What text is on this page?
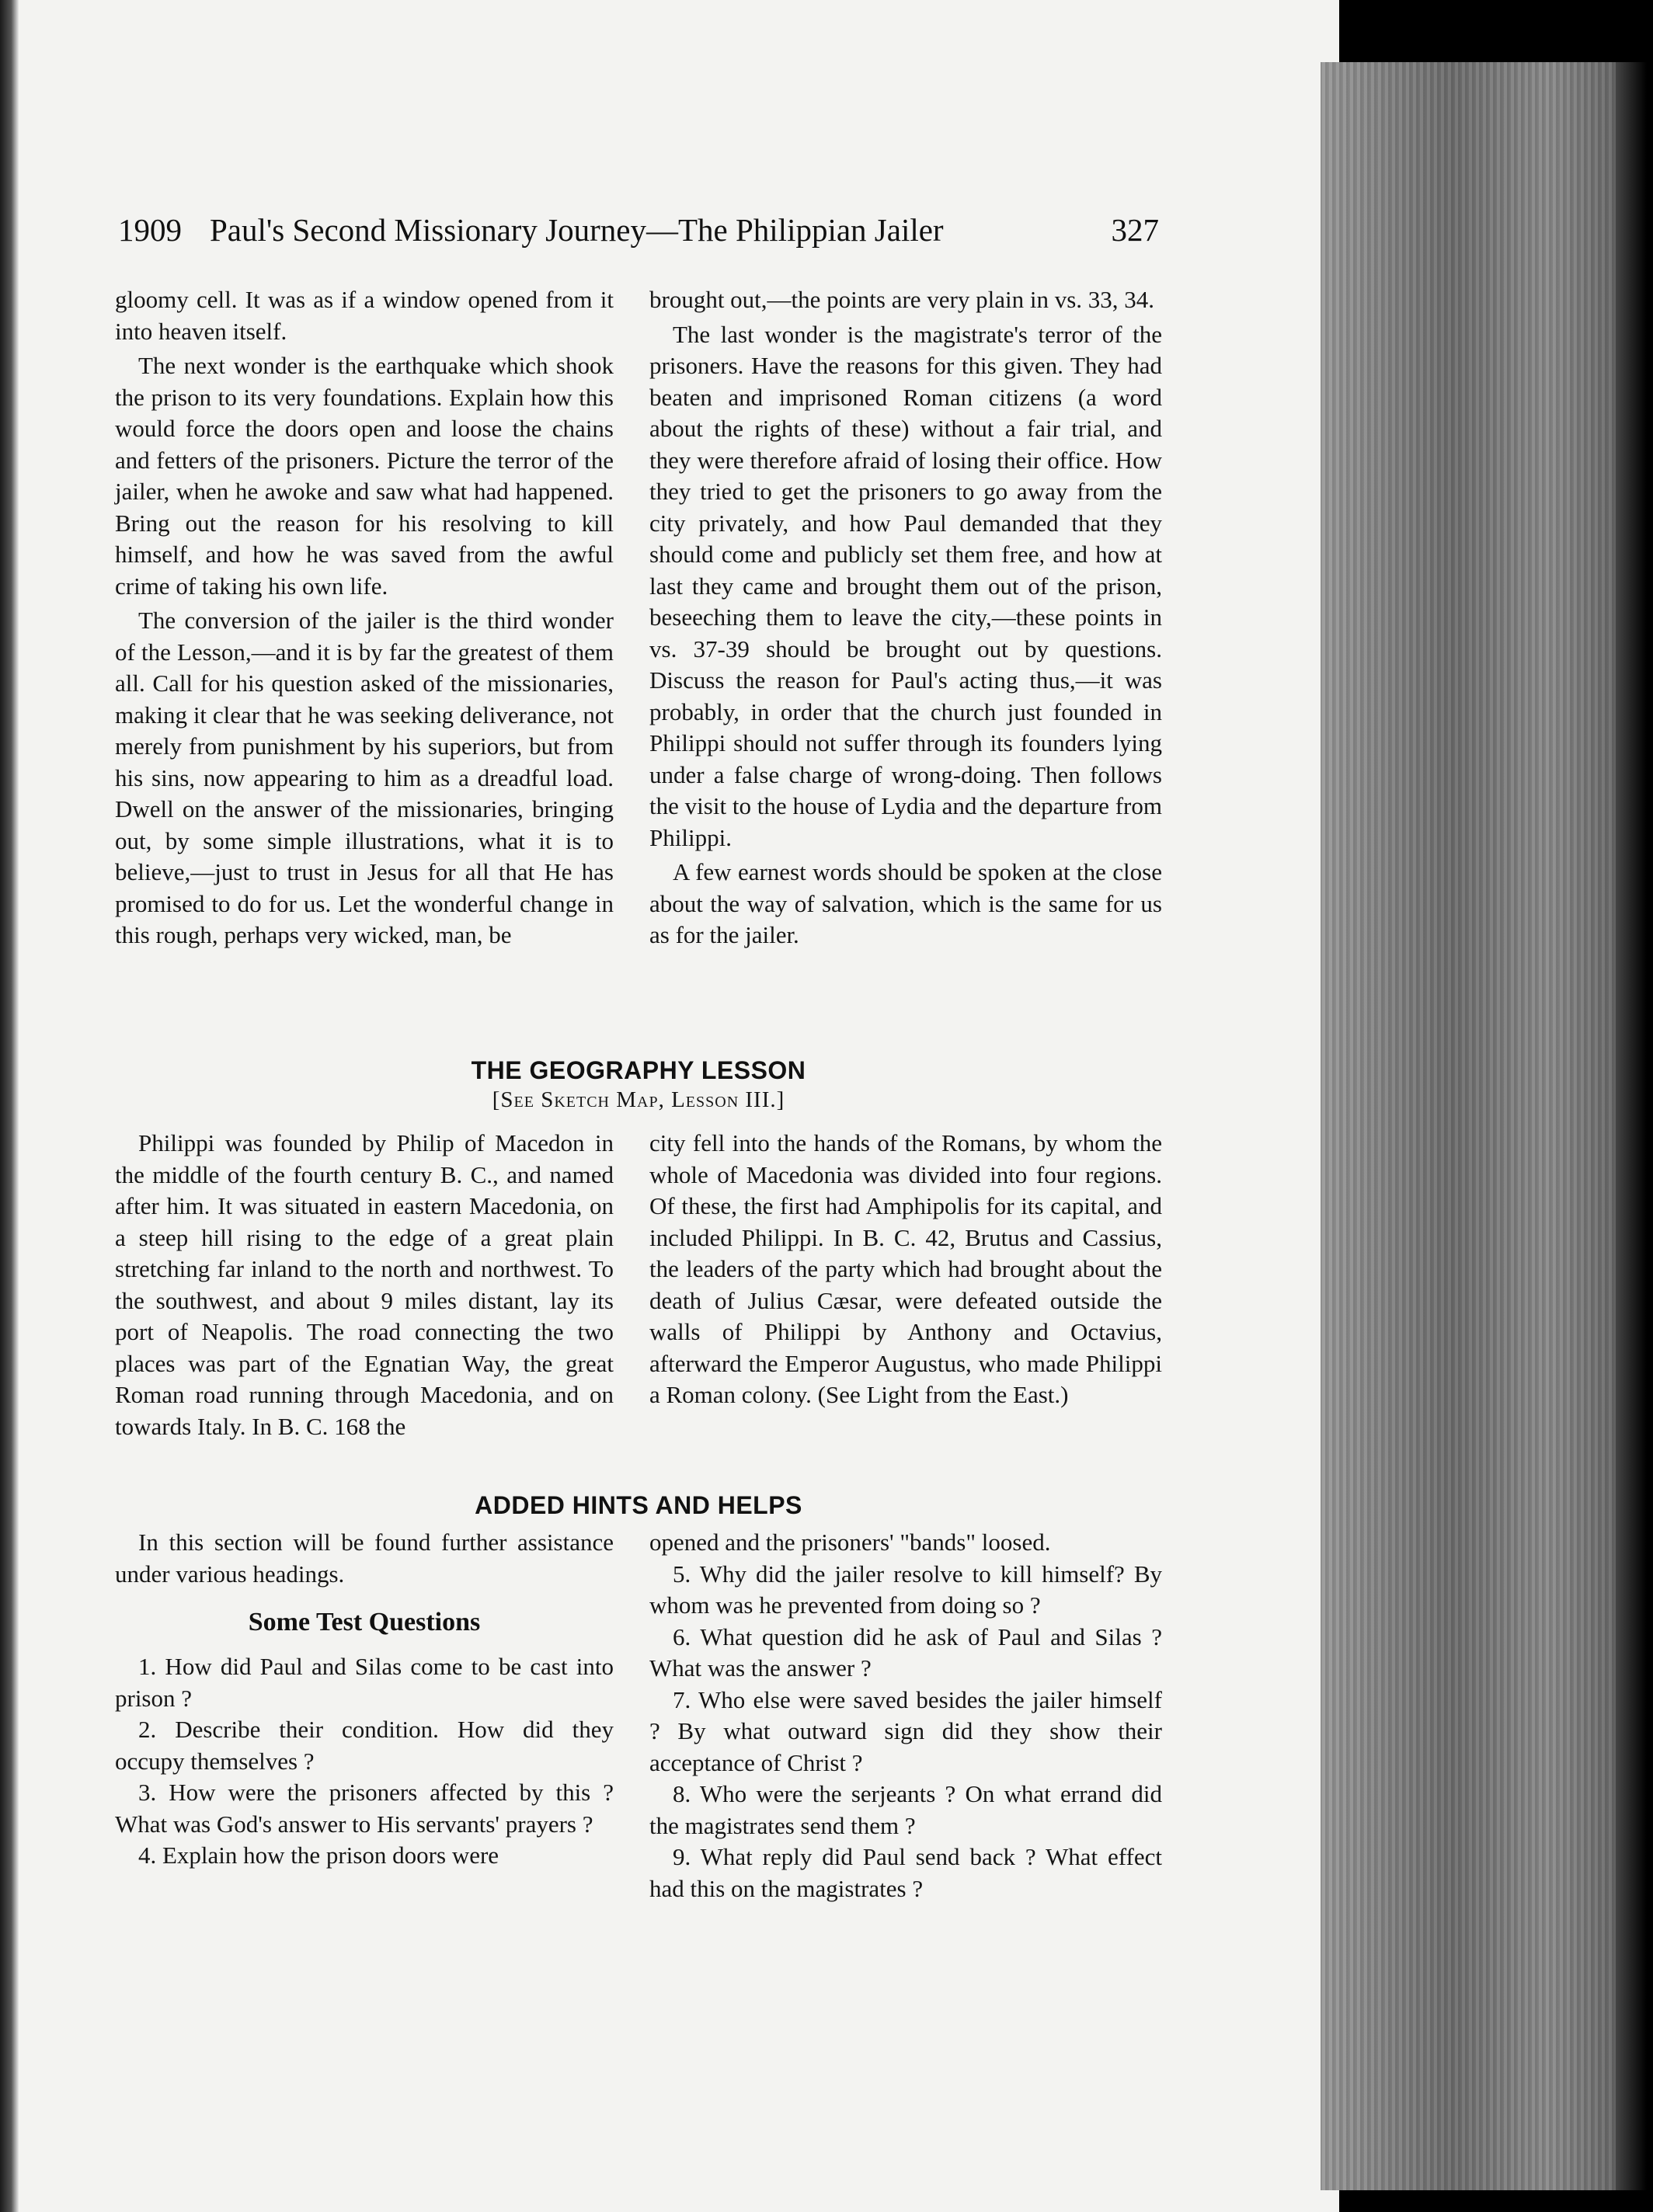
1909 Paul's Second Missionary Journey—The Philippian Jailer	327

gloomy cell. It was as if a window opened from it into heaven itself.

The next wonder is the earthquake which shook the prison to its very foundations. Explain how this would force the doors open and loose the chains and fetters of the prisoners. Picture the terror of the jailer, when he awoke and saw what had happened. Bring out the reason for his resolving to kill himself, and how he was saved from the awful crime of taking his own life.

The conversion of the jailer is the third wonder of the Lesson,—and it is by far the greatest of them all. Call for his question asked of the missionaries, making it clear that he was seeking deliverance, not merely from punishment by his superiors, but from his sins, now appearing to him as a dreadful load. Dwell on the answer of the missionaries, bringing out, by some simple illustrations, what it is to believe,—just to trust in Jesus for all that He has promised to do for us. Let the wonderful change in this rough, perhaps very wicked, man, be

brought out,—the points are very plain in vs. 33, 34.

The last wonder is the magistrate's terror of the prisoners. Have the reasons for this given. They had beaten and imprisoned Roman citizens (a word about the rights of these) without a fair trial, and they were therefore afraid of losing their office. How they tried to get the prisoners to go away from the city privately, and how Paul demanded that they should come and publicly set them free, and how at last they came and brought them out of the prison, beseeching them to leave the city,—these points in vs. 37-39 should be brought out by questions. Discuss the reason for Paul's acting thus,—it was probably, in order that the church just founded in Philippi should not suffer through its founders lying under a false charge of wrong-doing. Then follows the visit to the house of Lydia and the departure from Philippi.

A few earnest words should be spoken at the close about the way of salvation, which is the same for us as for the jailer.

THE GEOGRAPHY LESSON
[See Sketch Map, Lesson III.]

Philippi was founded by Philip of Macedon in the middle of the fourth century B. C., and named after him. It was situated in eastern Macedonia, on a steep hill rising to the edge of a great plain stretching far inland to the north and northwest. To the southwest, and about 9 miles distant, lay its port of Neapolis. The road connecting the two places was part of the Egnatian Way, the great Roman road running through Macedonia, and on towards Italy. In B. C. 168 the

city fell into the hands of the Romans, by whom the whole of Macedonia was divided into four regions. Of these, the first had Amphipolis for its capital, and included Philippi. In B. C. 42, Brutus and Cassius, the leaders of the party which had brought about the death of Julius Cæsar, were defeated outside the walls of Philippi by Anthony and Octavius, afterward the Emperor Augustus, who made Philippi a Roman colony. (See Light from the East.)

ADDED HINTS AND HELPS

In this section will be found further assistance under various headings.

Some Test Questions

1. How did Paul and Silas come to be cast into prison ?

2. Describe their condition. How did they occupy themselves ?

3. How were the prisoners affected by this ? What was God's answer to His servants' prayers ?

4. Explain how the prison doors were

opened and the prisoners' "bands" loosed.

5. Why did the jailer resolve to kill himself? By whom was he prevented from doing so ?

6. What question did he ask of Paul and Silas ? What was the answer ?

7. Who else were saved besides the jailer himself ? By what outward sign did they show their acceptance of Christ ?

8. Who were the serjeants ? On what errand did the magistrates send them ?

9. What reply did Paul send back ? What effect had this on the magistrates ?
